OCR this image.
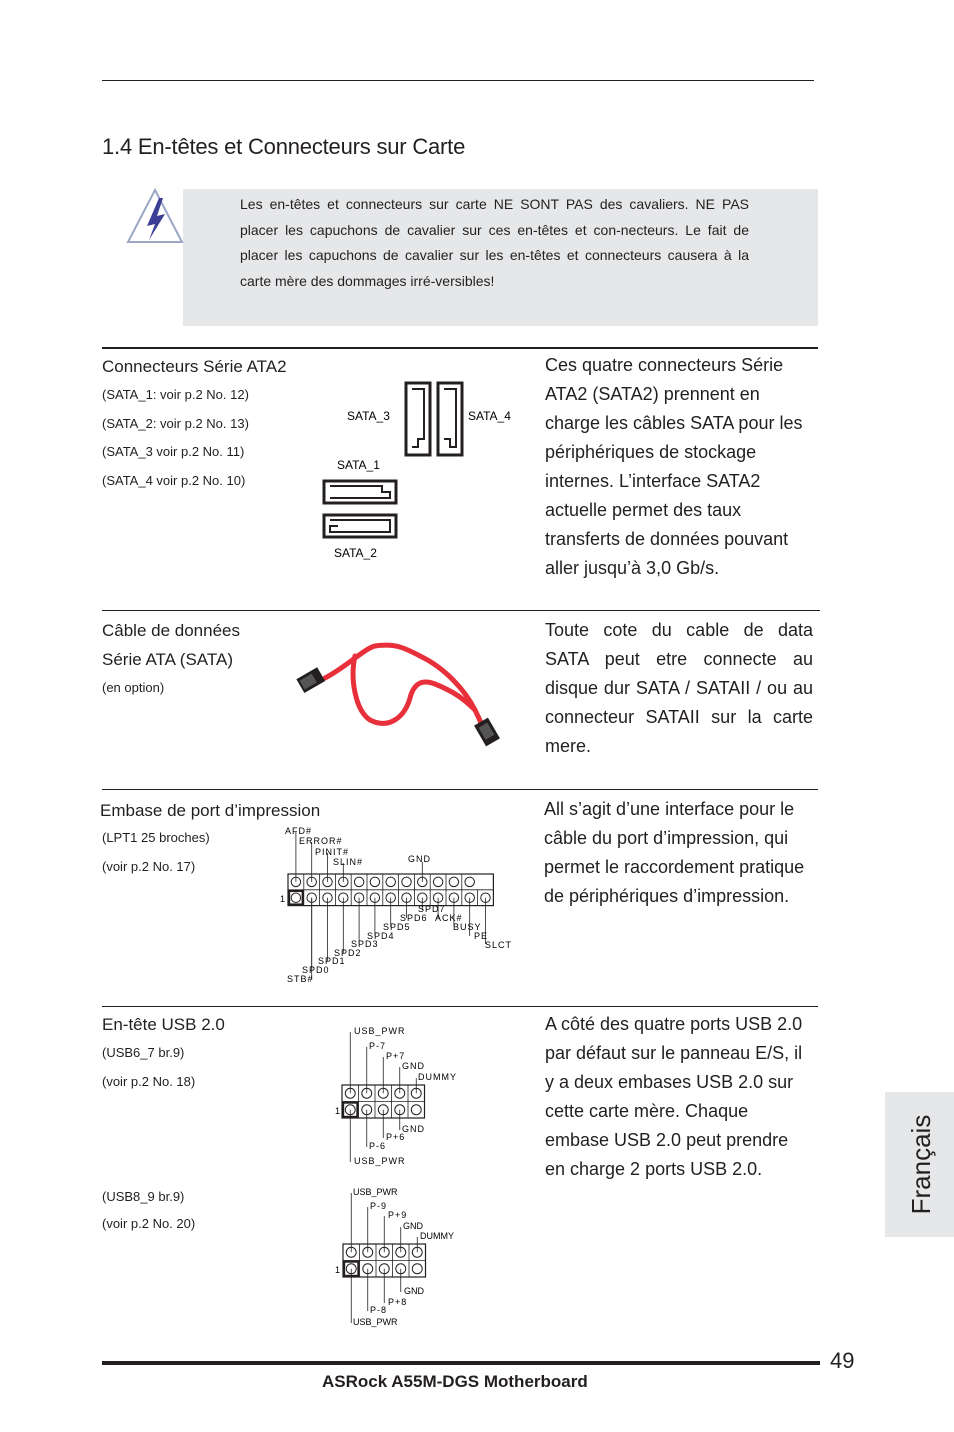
1.4 En-têtes et Connecteurs sur Carte
Les en-têtes et connecteurs sur carte NE SONT PAS des cavaliers. NE PAS placer les capuchons de cavalier sur ces en-têtes et con-necteurs. Le fait de placer les capuchons de cavalier sur les en-têtes et connecteurs causera à la carte mère des dommages irré-versibles!
Connecteurs Série ATA2
(SATA_1: voir p.2 No. 12)
(SATA_2: voir p.2 No. 13)
(SATA_3 voir p.2 No. 11)
(SATA_4 voir p.2 No. 10)
SATA_3	SATA_4
SATA_1
SATA_2
Ces quatre connecteurs Série ATA2 (SATA2) prennent en charge les câbles SATA pour les périphériques de stockage internes. L’interface SATA2 actuelle permet des taux transferts de données pouvant aller jusqu’à 3,0 Gb/s.
Câble de données
Série ATA (SATA)
(en option)
Toute cote du cable de data SATA peut etre connecte au disque dur SATA / SATAII / ou au connecteur SATAII sur la carte mere.
Embase de port d’impression
(LPT1 25 broches)
(voir p.2 No. 17)
AFD#
ERROR#
PINIT#
SLIN#	GND
1
SPD7
SPD6 ACK#
SPD5	BUSY
SPD4	PE
SPD3	SLCT
SPD2
SPD1
SPD0
STB#
All s’agit d’une interface pour le câble du port d’impression, qui permet le raccordement pratique de périphériques d’impression.
En-tête USB 2.0
(USB6_7 br.9)
(voir p.2 No. 18)
(USB8_9 br.9)
(voir p.2 No. 20)
USB_PWR
P-7
P+7
GND
DUMMY
1
GND
P+6
P-6
USB_PWR
USB_PWR
P-9
P+9
GND
DUMMY
1
GND
P+8
P-8
USB_PWR
A côté des quatre ports USB 2.0 par défaut sur le panneau E/S, il y a deux embases USB 2.0 sur cette carte mère. Chaque embase USB 2.0 peut prendre en charge 2 ports USB 2.0.	Français
49
ASRock A55M-DGS Motherboard
